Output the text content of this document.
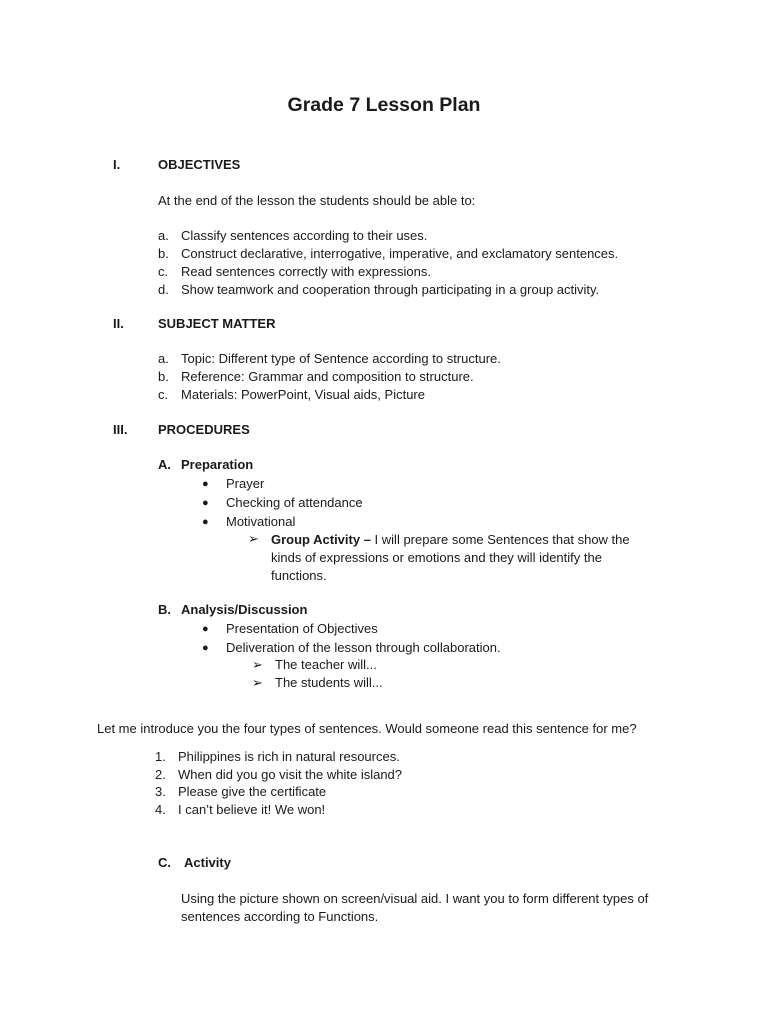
Grade 7 Lesson Plan
I.	OBJECTIVES
At the end of the lesson the students should be able to:
a. Classify sentences according to their uses.
b. Construct declarative, interrogative, imperative, and exclamatory sentences.
c. Read sentences correctly with expressions.
d. Show teamwork and cooperation through participating in a group activity.
II.	SUBJECT MATTER
a. Topic: Different type of Sentence according to structure.
b. Reference: Grammar and composition to structure.
c. Materials: PowerPoint, Visual aids, Picture
III. PROCEDURES
A. Preparation
● Prayer
● Checking of attendance
● Motivational
➢ Group Activity – I will prepare some Sentences that show the kinds of expressions or emotions and they will identify the functions.
B. Analysis/Discussion
● Presentation of Objectives
● Deliveration of the lesson through collaboration.
➢ The teacher will...
➢ The students will...
Let me introduce you the four types of sentences. Would someone read this sentence for me?
1. Philippines is rich in natural resources.
2. When did you go visit the white island?
3. Please give the certificate
4. I can’t believe it! We won!
C. Activity
Using the picture shown on screen/visual aid. I want you to form different types of sentences according to Functions.
